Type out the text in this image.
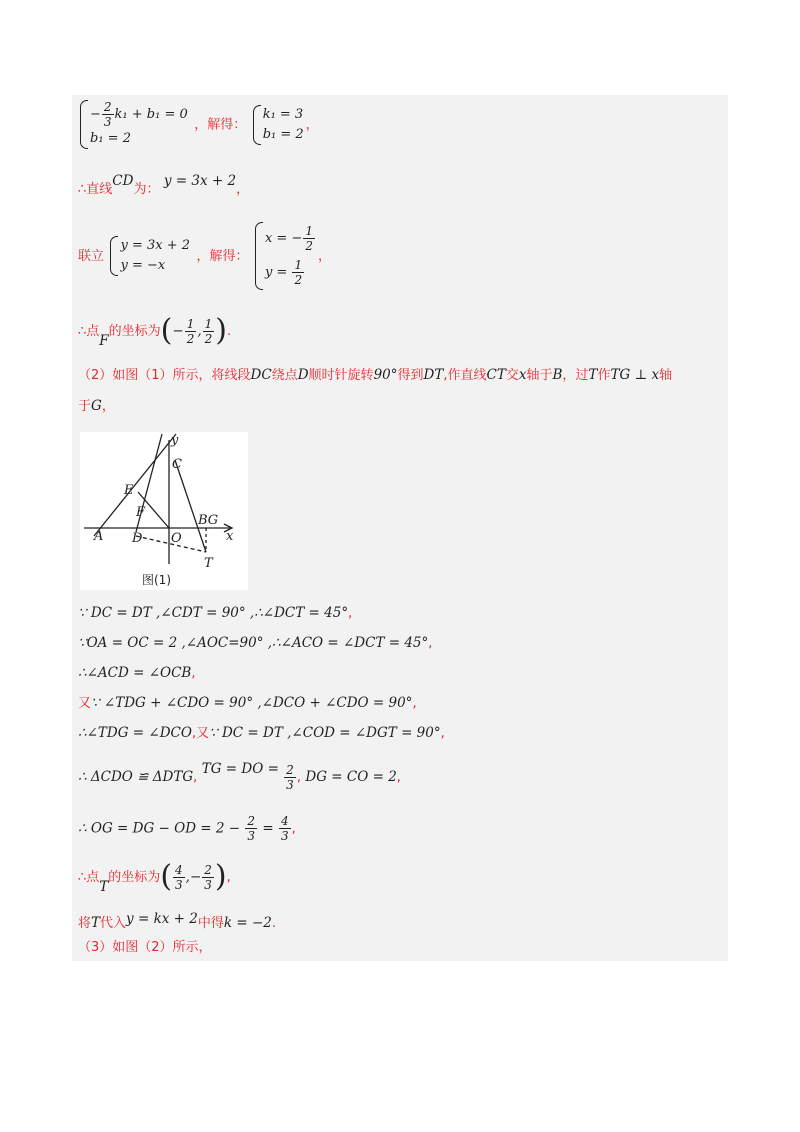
− $\frac{2}{3} k_1 + b_1 = 0$
b₁ = 2
，解得：
k₁ = 3
b₁ = 2
，
∴直线CD为： y = 3x + 2，
联立
y = 3x + 2
y = −x
，解得：
x = − $\frac{1}{2}$
$y = \frac{1}{2}$
，
∴点F的坐标为(− $\frac{1}{2}$ , $\frac{1}{2}$ ).
（2）如图（1）所示，将线段DC绕点D顺时针旋转90°得到DT,作直线CT交x轴于B，过T作TG ⊥ x轴
于G，
y
C
E
F
A D O
BG
x
T
图(1)
∵ DC = DT ,∠CDT = 90° ,∴∠DCT = 45°,
∵OA = OC = 2 ,∠AOC=90° ,∴∠ACO = ∠DCT = 45°,
∴∠ACD = ∠OCB,
又∵ ∠TDG + ∠CDO = 90° ,∠DCO + ∠CDO = 90°,
∴∠TDG = ∠DCO,又∵ DC = DT ,∠COD = ∠DGT = 90°,
∴ ΔCDO ≌ ΔDTG, TG = DO = $\frac{2}{3}$ , DG = CO = 2,
∴ OG = DG − OD = $2 - \frac{2}{3} = \frac{4}{3}$ ,
∴点T的坐标为( $\frac{4}{3}$ ,− $\frac{2}{3}$ ),
将T代入y = kx + 2中得k = −2.
（3）如图（2）所示，
